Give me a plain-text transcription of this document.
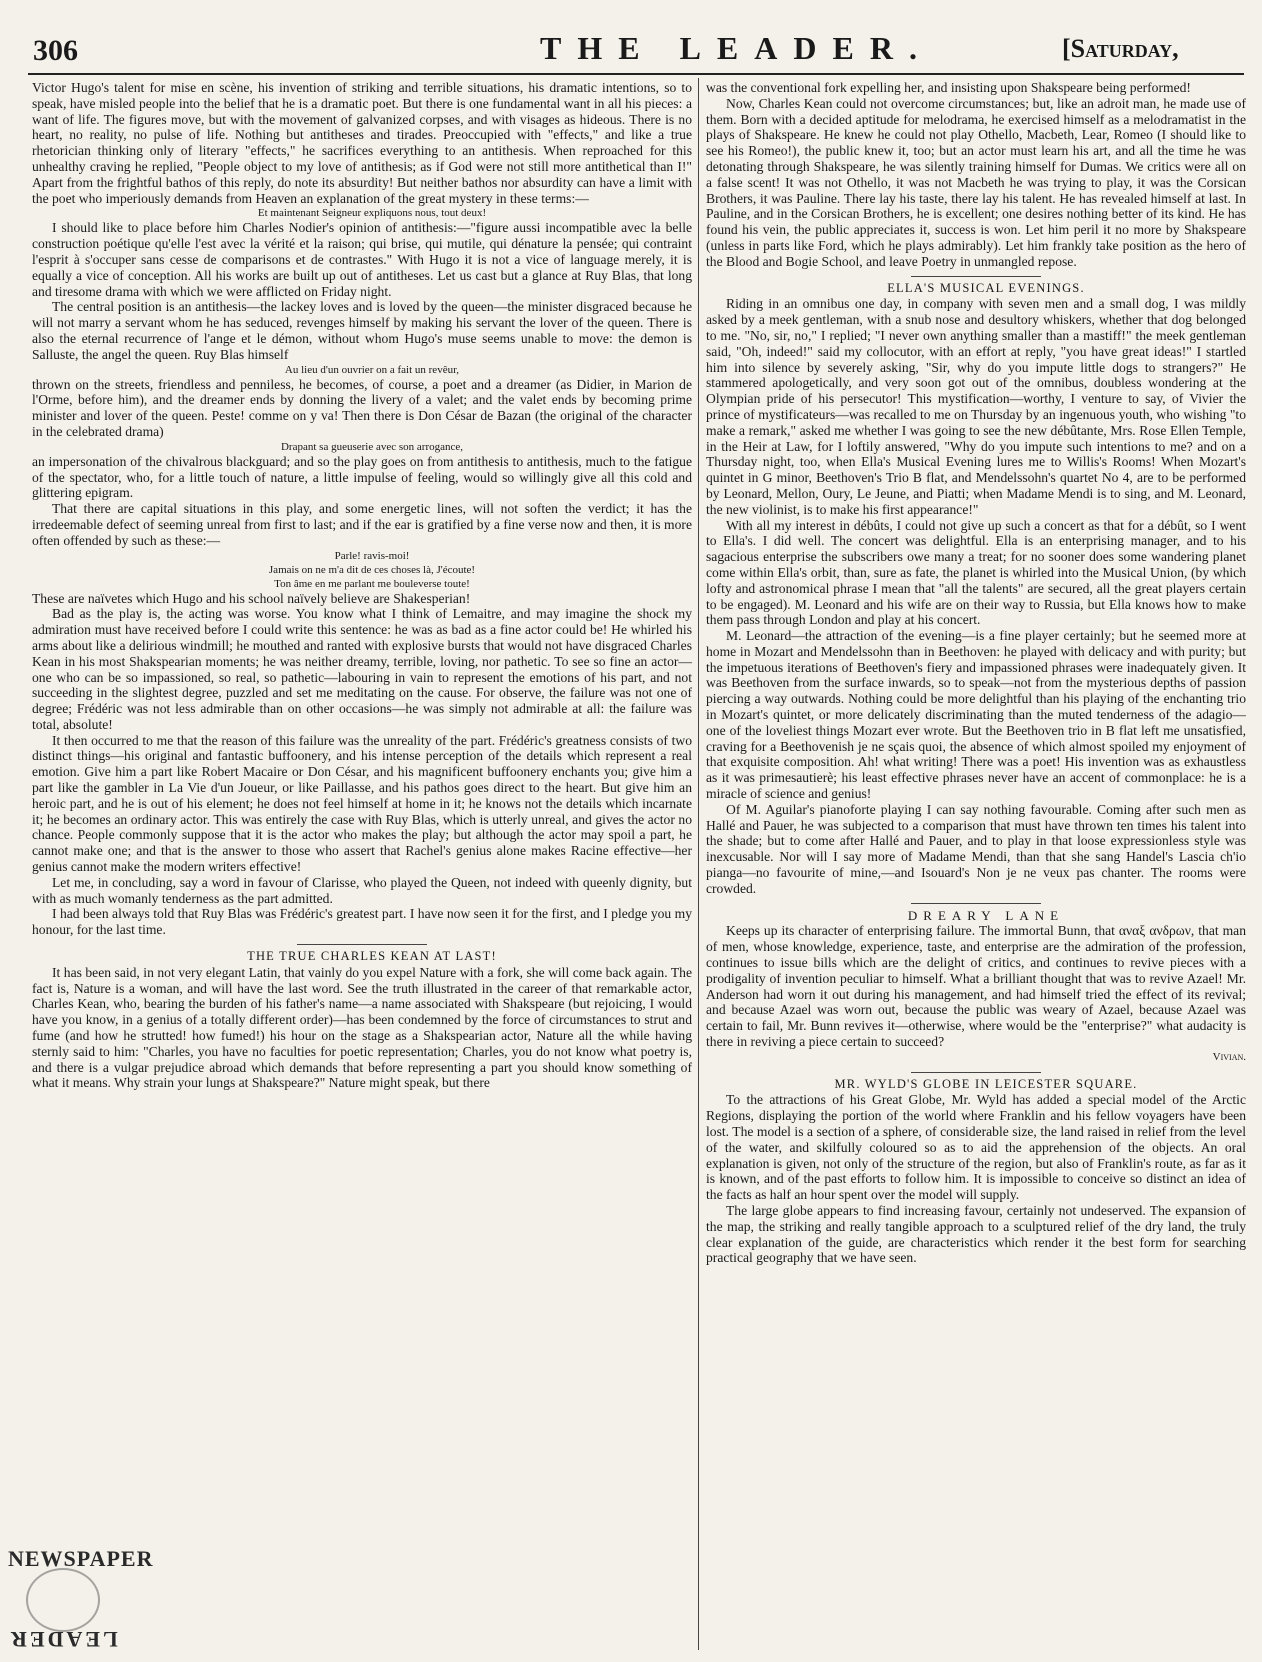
306	THE LEADER.	[Saturday,

Victor Hugo's talent for mise en scène, his invention of striking and terrible situations, his dramatic intentions, so to speak, have misled people into the belief that he is a dramatic poet. But there is one fundamental want in all his pieces: a want of life. The figures move, but with the movement of galvanized corpses, and with visages as hideous. There is no heart, no reality, no pulse of life. Nothing but antitheses and tirades. Preoccupied with "effects," and like a true rhetorician thinking only of literary "effects," he sacrifices everything to an antithesis. When reproached for this unhealthy craving he replied, "People object to my love of antithesis; as if God were not still more antithetical than I!" Apart from the frightful bathos of this reply, do note its absurdity! But neither bathos nor absurdity can have a limit with the poet who imperiously demands from Heaven an explanation of the great mystery in these terms:—

Et maintenant Seigneur expliquons nous, tout deux!

I should like to place before him Charles Nodier's opinion of antithesis:—"figure aussi incompatible avec la belle construction poétique qu'elle l'est avec la vérité et la raison; qui brise, qui mutile, qui dénature la pensée; qui contraint l'esprit à s'occuper sans cesse de comparisons et de contrastes." With Hugo it is not a vice of language merely, it is equally a vice of conception. All his works are built up out of antitheses. Let us cast but a glance at Ruy Blas, that long and tiresome drama with which we were afflicted on Friday night.

The central position is an antithesis—the lackey loves and is loved by the queen—the minister disgraced because he will not marry a servant whom he has seduced, revenges himself by making his servant the lover of the queen. There is also the eternal recurrence of l'ange et le démon, without whom Hugo's muse seems unable to move: the demon is Salluste, the angel the queen. Ruy Blas himself

Au lieu d'un ouvrier on a fait un revêur,

thrown on the streets, friendless and penniless, he becomes, of course, a poet and a dreamer (as Didier, in Marion de l'Orme, before him), and the dreamer ends by donning the livery of a valet; and the valet ends by becoming prime minister and lover of the queen. Peste! comme on y va! Then there is Don César de Bazan (the original of the character in the celebrated drama)

Drapant sa gueuserie avec son arrogance,

an impersonation of the chivalrous blackguard; and so the play goes on from antithesis to antithesis, much to the fatigue of the spectator, who, for a little touch of nature, a little impulse of feeling, would so willingly give all this cold and glittering epigram.

That there are capital situations in this play, and some energetic lines, will not soften the verdict; it has the irredeemable defect of seeming unreal from first to last; and if the ear is gratified by a fine verse now and then, it is more often offended by such as these:—

Parle! ravis-moi!

Jamais on ne m'a dit de ces choses là, J'écoute!

Ton âme en me parlant me bouleverse toute!

These are naïvetes which Hugo and his school naïvely believe are Shakesperian!

Bad as the play is, the acting was worse. You know what I think of Lemaitre, and may imagine the shock my admiration must have received before I could write this sentence: he was as bad as a fine actor could be! He whirled his arms about like a delirious windmill; he mouthed and ranted with explosive bursts that would not have disgraced Charles Kean in his most Shakspearian moments; he was neither dreamy, terrible, loving, nor pathetic. To see so fine an actor—one who can be so impassioned, so real, so pathetic—labouring in vain to represent the emotions of his part, and not succeeding in the slightest degree, puzzled and set me meditating on the cause. For observe, the failure was not one of degree; Frédéric was not less admirable than on other occasions—he was simply not admirable at all: the failure was total, absolute!

It then occurred to me that the reason of this failure was the unreality of the part. Frédéric's greatness consists of two distinct things—his original and fantastic buffoonery, and his intense perception of the details which represent a real emotion. Give him a part like Robert Macaire or Don César, and his magnificent buffoonery enchants you; give him a part like the gambler in La Vie d'un Joueur, or like Paillasse, and his pathos goes direct to the heart. But give him an heroic part, and he is out of his element; he does not feel himself at home in it; he knows not the details which incarnate it; he becomes an ordinary actor. This was entirely the case with Ruy Blas, which is utterly unreal, and gives the actor no chance. People commonly suppose that it is the actor who makes the play; but although the actor may spoil a part, he cannot make one; and that is the answer to those who assert that Rachel's genius alone makes Racine effective—her genius cannot make the modern writers effective!

Let me, in concluding, say a word in favour of Clarisse, who played the Queen, not indeed with queenly dignity, but with as much womanly tenderness as the part admitted.

I had been always told that Ruy Blas was Frédéric's greatest part. I have now seen it for the first, and I pledge you my honour, for the last time.

THE TRUE CHARLES KEAN AT LAST!

It has been said, in not very elegant Latin, that vainly do you expel Nature with a fork, she will come back again. The fact is, Nature is a woman, and will have the last word. See the truth illustrated in the career of that remarkable actor, Charles Kean, who, bearing the burden of his father's name—a name associated with Shakspeare (but rejoicing, I would have you know, in a genius of a totally different order)—has been condemned by the force of circumstances to strut and fume (and how he strutted! how fumed!) his hour on the stage as a Shakspearian actor, Nature all the while having sternly said to him: "Charles, you have no faculties for poetic representation; Charles, you do not know what poetry is, and there is a vulgar prejudice abroad which demands that before representing a part you should know something of what it means. Why strain your lungs at Shakspeare?" Nature might speak, but there

was the conventional fork expelling her, and insisting upon Shakspeare being performed!

Now, Charles Kean could not overcome circumstances; but, like an adroit man, he made use of them. Born with a decided aptitude for melodrama, he exercised himself as a melodramatist in the plays of Shakspeare. He knew he could not play Othello, Macbeth, Lear, Romeo (I should like to see his Romeo!), the public knew it, too; but an actor must learn his art, and all the time he was detonating through Shakspeare, he was silently training himself for Dumas. We critics were all on a false scent! It was not Othello, it was not Macbeth he was trying to play, it was the Corsican Brothers, it was Pauline. There lay his taste, there lay his talent. He has revealed himself at last. In Pauline, and in the Corsican Brothers, he is excellent; one desires nothing better of its kind. He has found his vein, the public appreciates it, success is won. Let him peril it no more by Shakspeare (unless in parts like Ford, which he plays admirably). Let him frankly take position as the hero of the Blood and Bogie School, and leave Poetry in unmangled repose.

ELLA'S MUSICAL EVENINGS.

Riding in an omnibus one day, in company with seven men and a small dog, I was mildly asked by a meek gentleman, with a snub nose and desultory whiskers, whether that dog belonged to me. "No, sir, no," I replied; "I never own anything smaller than a mastiff!" the meek gentleman said, "Oh, indeed!" said my collocutor, with an effort at reply, "you have great ideas!" I startled him into silence by severely asking, "Sir, why do you impute little dogs to strangers?" He stammered apologetically, and very soon got out of the omnibus, doubless wondering at the Olympian pride of his persecutor! This mystification—worthy, I venture to say, of Vivier the prince of mystificateurs—was recalled to me on Thursday by an ingenuous youth, who wishing "to make a remark," asked me whether I was going to see the new débûtante, Mrs. Rose Ellen Temple, in the Heir at Law, for I loftily answered, "Why do you impute such intentions to me? and on a Thursday night, too, when Ella's Musical Evening lures me to Willis's Rooms! When Mozart's quintet in G minor, Beethoven's Trio B flat, and Mendelssohn's quartet No 4, are to be performed by Leonard, Mellon, Oury, Le Jeune, and Piatti; when Madame Mendi is to sing, and M. Leonard, the new violinist, is to make his first appearance!"

With all my interest in débûts, I could not give up such a concert as that for a débût, so I went to Ella's. I did well. The concert was delightful. Ella is an enterprising manager, and to his sagacious enterprise the subscribers owe many a treat; for no sooner does some wandering planet come within Ella's orbit, than, sure as fate, the planet is whirled into the Musical Union, (by which lofty and astronomical phrase I mean that "all the talents" are secured, all the great players certain to be engaged). M. Leonard and his wife are on their way to Russia, but Ella knows how to make them pass through London and play at his concert.

M. Leonard—the attraction of the evening—is a fine player certainly; but he seemed more at home in Mozart and Mendelssohn than in Beethoven: he played with delicacy and with purity; but the impetuous iterations of Beethoven's fiery and impassioned phrases were inadequately given. It was Beethoven from the surface inwards, so to speak—not from the mysterious depths of passion piercing a way outwards. Nothing could be more delightful than his playing of the enchanting trio in Mozart's quintet, or more delicately discriminating than the muted tenderness of the adagio—one of the loveliest things Mozart ever wrote. But the Beethoven trio in B flat left me unsatisfied, craving for a Beethovenish je ne sçais quoi, the absence of which almost spoiled my enjoyment of that exquisite composition. Ah! what writing! There was a poet! His invention was as exhaustless as it was primesautierè; his least effective phrases never have an accent of commonplace: he is a miracle of science and genius!

Of M. Aguilar's pianoforte playing I can say nothing favourable. Coming after such men as Hallé and Pauer, he was subjected to a comparison that must have thrown ten times his talent into the shade; but to come after Hallé and Pauer, and to play in that loose expressionless style was inexcusable. Nor will I say more of Madame Mendi, than that she sang Handel's Lascia ch'io pianga—no favourite of mine,—and Isouard's Non je ne veux pas chanter. The rooms were crowded.

DREARY LANE

Keeps up its character of enterprising failure. The immortal Bunn, that αναξ ανδρων, that man of men, whose knowledge, experience, taste, and enterprise are the admiration of the profession, continues to issue bills which are the delight of critics, and continues to revive pieces with a prodigality of invention peculiar to himself. What a brilliant thought that was to revive Azael! Mr. Anderson had worn it out during his management, and had himself tried the effect of its revival; and because Azael was worn out, because the public was weary of Azael, because Azael was certain to fail, Mr. Bunn revives it—otherwise, where would be the "enterprise?" what audacity is there in reviving a piece certain to succeed?

Vivian.

MR. WYLD'S GLOBE IN LEICESTER SQUARE.

To the attractions of his Great Globe, Mr. Wyld has added a special model of the Arctic Regions, displaying the portion of the world where Franklin and his fellow voyagers have been lost. The model is a section of a sphere, of considerable size, the land raised in relief from the level of the water, and skilfully coloured so as to aid the apprehension of the objects. An oral explanation is given, not only of the structure of the region, but also of Franklin's route, as far as it is known, and of the past efforts to follow him. It is impossible to conceive so distinct an idea of the facts as half an hour spent over the model will supply.

The large globe appears to find increasing favour, certainly not undeserved. The expansion of the map, the striking and really tangible approach to a sculptured relief of the dry land, the truly clear explanation of the guide, are characteristics which render it the best form for searching practical geography that we have seen.

NEWSPAPER
LEADER
